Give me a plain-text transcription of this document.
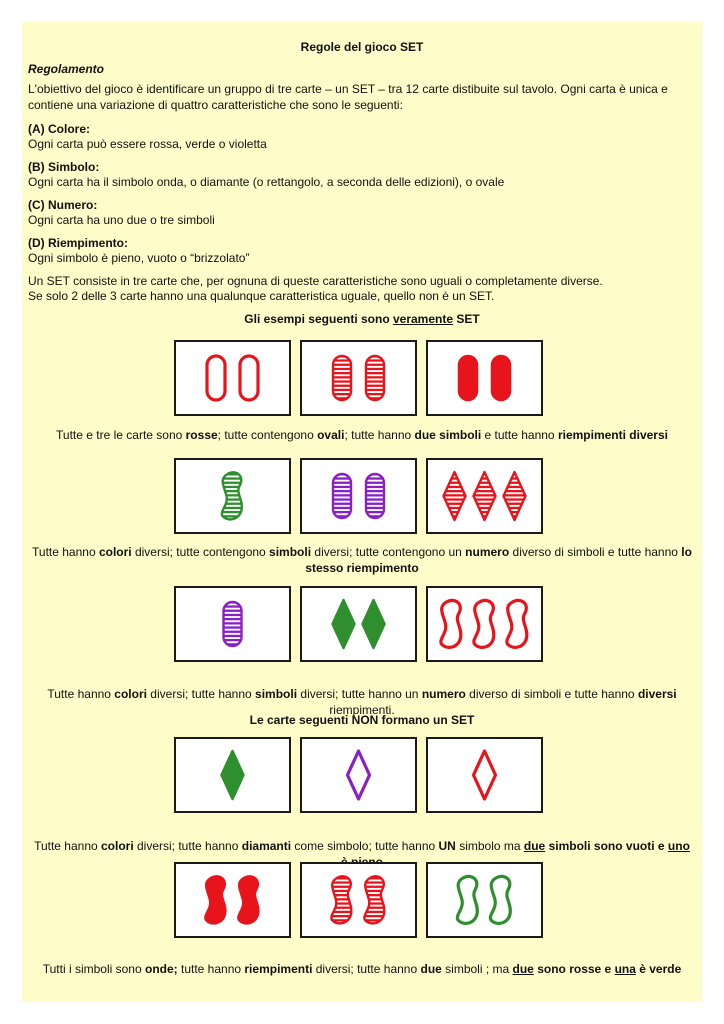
Regole del gioco SET

Regolamento

L'obiettivo del gioco è identificare un gruppo di tre carte – un SET – tra 12 carte distibuite sul tavolo. Ogni carta è unica e contiene una variazione di quattro caratteristiche che sono le seguenti:

(A) Colore:

Ogni carta può essere rossa, verde o violetta

(B) Simbolo:

Ogni carta ha il simbolo onda, o diamante (o rettangolo, a seconda delle edizioni), o ovale

(C) Numero:

Ogni carta ha uno due o tre simboli

(D) Riempimento:

Ogni simbolo è pieno, vuoto o “brizzolato”

Un SET consiste in tre carte che, per ognuna di queste caratteristiche sono uguali o completamente diverse.

Se solo 2 delle 3 carte hanno una qualunque caratteristica uguale, quello non è un SET.

Gli esempi seguenti sono veramente SET

Le carte seguenti NON formano un SET

Tutte e tre le carte sono rosse; tutte contengono ovali; tutte hanno due simboli e tutte hanno riempimenti diversi

Tutte hanno colori diversi; tutte contengono simboli diversi; tutte contengono un numero diverso di simboli e tutte hanno lo stesso riempimento

Tutte hanno colori diversi; tutte hanno simboli diversi; tutte hanno un numero diverso di simboli e tutte hanno diversi riempimenti.

Tutte hanno colori diversi; tutte hanno diamanti come simbolo; tutte hanno UN simbolo ma due simboli sono vuoti e uno

Tutti i simboli sono onde; tutte hanno riempimenti diversi; tutte hanno due simboli ; ma due sono rosse e una è verde
